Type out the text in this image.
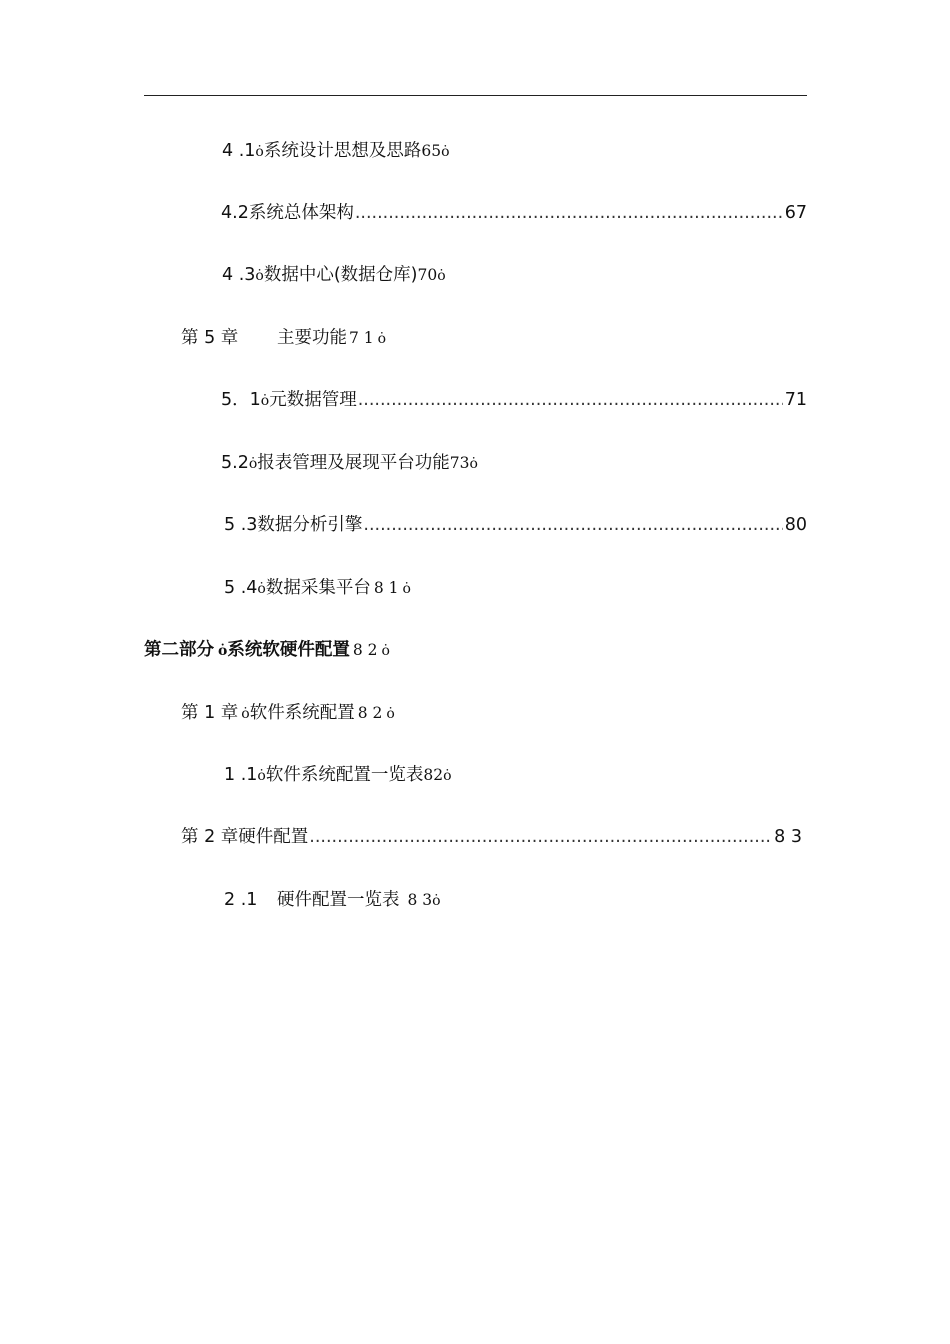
4 .1 ȯ 系统设计思想及思路 65 ȯ
4.2 系统总体架构 .....	67
4 .3 ȯ 数据中心(数据仓库) 70 ȯ
第 5 章	主要功能 7 1 ȯ
5．1 ȯ 元数据管理 .....	71
5.2 ȯ 报表管理及展现平台功能 73 ȯ
5 .3 数据分析引擎 .....	80
5 .4 ȯ 数据采集平台 8 1 ȯ
第二部分 ȯ 系统软硬件配置 8 2 ȯ
第 1 章 ȯ 软件系统配置 8 2 ȯ
1 .1 ȯ 软件系统配置一览表 82 ȯ
第 2 章 硬件配置 .....	8 3
2 .1	硬件配置一览表 8 3 ȯ
